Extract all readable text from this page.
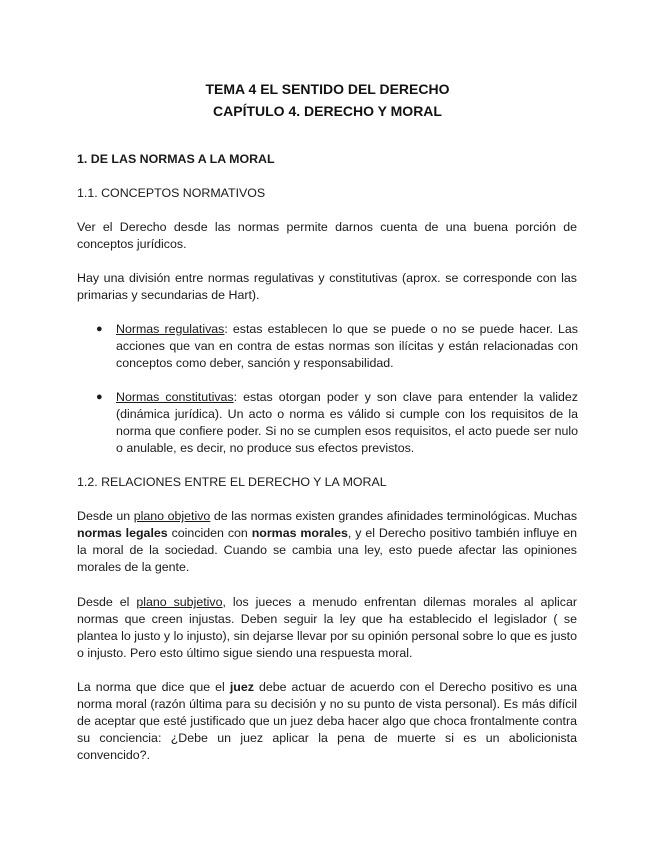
TEMA 4 EL SENTIDO DEL DERECHO
CAPÍTULO 4. DERECHO Y MORAL
1. DE LAS NORMAS A LA MORAL
1.1. CONCEPTOS NORMATIVOS
Ver el Derecho desde las normas permite darnos cuenta de una buena porción de conceptos jurídicos.
Hay una división entre normas regulativas y constitutivas (aprox. se corresponde con las primarias y secundarias de Hart).
● Normas regulativas: estas establecen lo que se puede o no se puede hacer. Las acciones que van en contra de estas normas son ilícitas y están relacionadas con conceptos como deber, sanción y responsabilidad.
● Normas constitutivas: estas otorgan poder y son clave para entender la validez (dinámica jurídica). Un acto o norma es válido si cumple con los requisitos de la norma que confiere poder. Si no se cumplen esos requisitos, el acto puede ser nulo o anulable, es decir, no produce sus efectos previstos.
1.2. RELACIONES ENTRE EL DERECHO Y LA MORAL
Desde un plano objetivo de las normas existen grandes afinidades terminológicas. Muchas normas legales coinciden con normas morales, y el Derecho positivo también influye en la moral de la sociedad. Cuando se cambia una ley, esto puede afectar las opiniones morales de la gente.
Desde el plano subjetivo, los jueces a menudo enfrentan dilemas morales al aplicar normas que creen injustas. Deben seguir la ley que ha establecido el legislador ( se plantea lo justo y lo injusto), sin dejarse llevar por su opinión personal sobre lo que es justo o injusto. Pero esto último sigue siendo una respuesta moral.
La norma que dice que el juez debe actuar de acuerdo con el Derecho positivo es una norma moral (razón última para su decisión y no su punto de vista personal). Es más difícil de aceptar que esté justificado que un juez deba hacer algo que choca frontalmente contra su conciencia: ¿Debe un juez aplicar la pena de muerte si es un abolicionista convencido?.
